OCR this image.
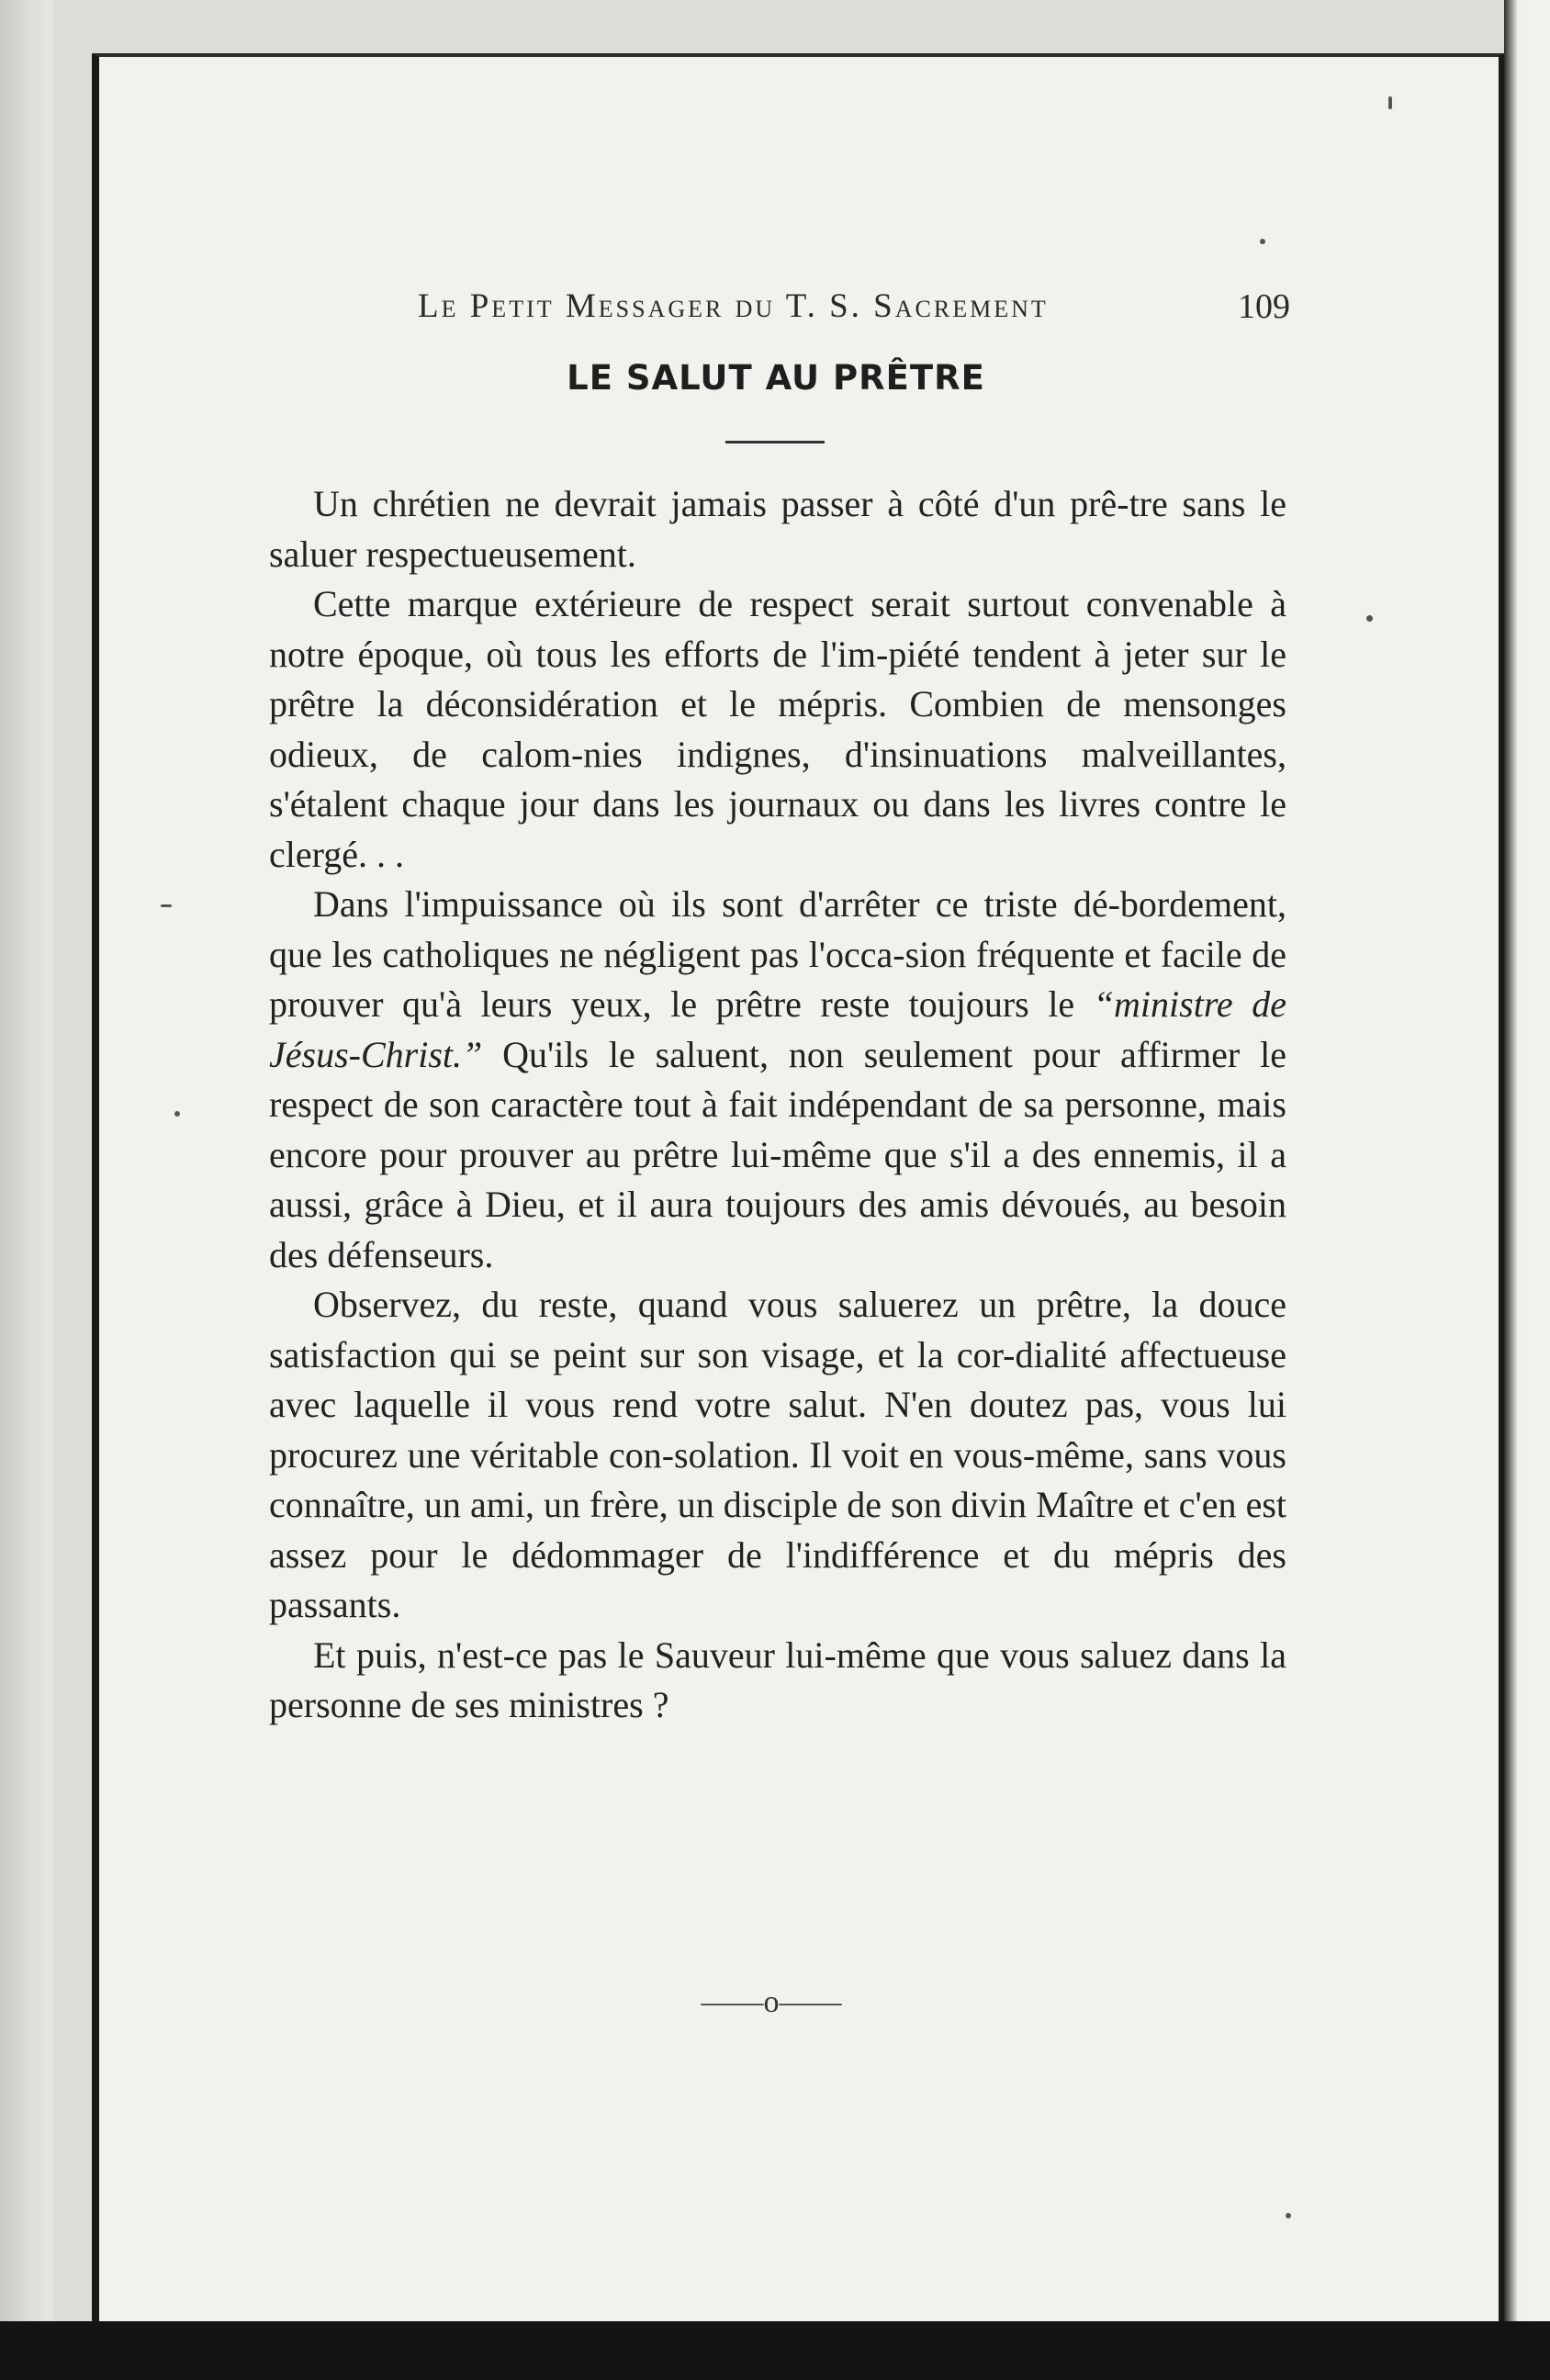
Le Petit Messager du T. S. Sacrement	109
LE SALUT AU PRÊTRE

Un chrétien ne devrait jamais passer à côté d'un prê-tre sans le saluer respectueusement.

Cette marque extérieure de respect serait surtout convenable à notre époque, où tous les efforts de l'im-piété tendent à jeter sur le prêtre la déconsidération et le mépris. Combien de mensonges odieux, de calom-nies indignes, d'insinuations malveillantes, s'étalent chaque jour dans les journaux ou dans les livres contre le clergé. . .

Dans l'impuissance où ils sont d'arrêter ce triste dé-bordement, que les catholiques ne négligent pas l'occa-sion fréquente et facile de prouver qu'à leurs yeux, le prêtre reste toujours le “ministre de Jésus-Christ.” Qu'ils le saluent, non seulement pour affirmer le respect de son caractère tout à fait indépendant de sa personne, mais encore pour prouver au prêtre lui-même que s'il a des ennemis, il a aussi, grâce à Dieu, et il aura toujours des amis dévoués, au besoin des défenseurs.

Observez, du reste, quand vous saluerez un prêtre, la douce satisfaction qui se peint sur son visage, et la cor-dialité affectueuse avec laquelle il vous rend votre salut. N'en doutez pas, vous lui procurez une véritable con-solation. Il voit en vous-même, sans vous connaître, un ami, un frère, un disciple de son divin Maître et c'en est assez pour le dédommager de l'indifférence et du mépris des passants.

Et puis, n'est-ce pas le Sauveur lui-même que vous saluez dans la personne de ses ministres ?

——o——
